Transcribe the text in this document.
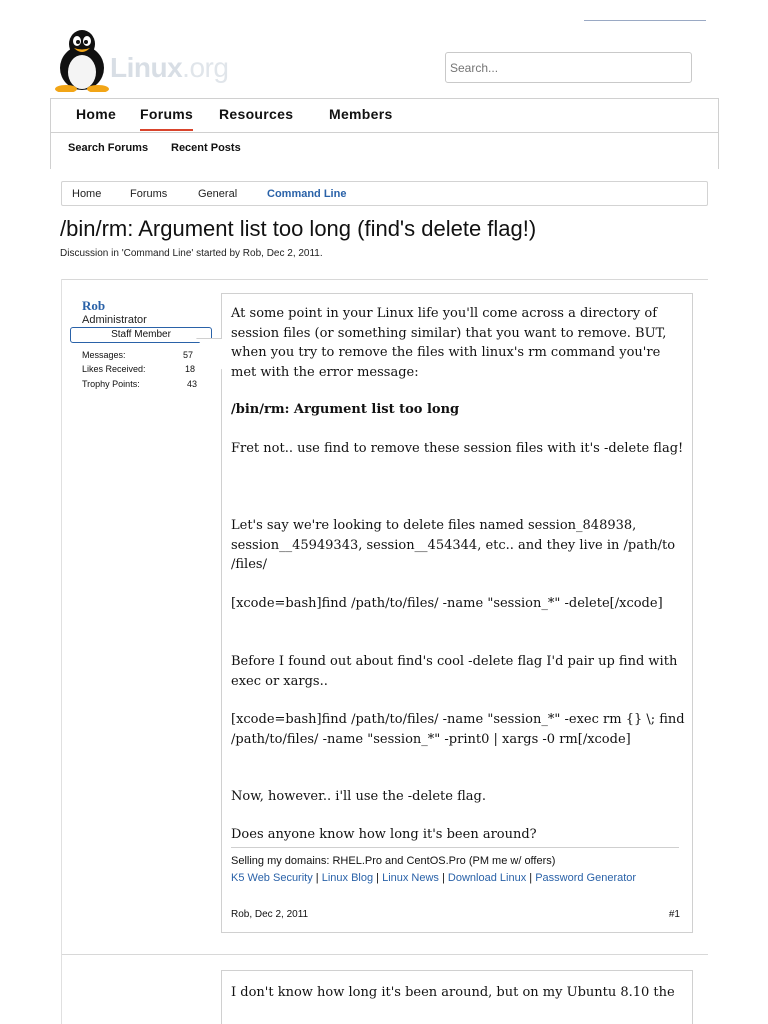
Linux.org
Search...
Home Forums Resources	Members
Search Forums Recent Posts
Home	Forums	General	Command Line
/bin/rm: Argument list too long (find's delete flag!)
Discussion in 'Command Line' started by Rob, Dec 2, 2011.
Rob
Administrator
Staff Member
Messages:	57
Likes Received:	18
Trophy Points:	43
At some point in your Linux life you'll come across a directory of session files (or something similar) that you want to remove. BUT, when you try to remove the files with linux's rm command you're met with the error message:
/bin/rm: Argument list too long
Fret not.. use find to remove these session files with it's -delete flag!
Let's say we're looking to delete files named session_848938, session__45949343, session__454344, etc.. and they live in /path/to /files/
[xcode=bash]find /path/to/files/ -name "session_*" -delete[/xcode]
Before I found out about find's cool -delete flag I'd pair up find with exec or xargs..
[xcode=bash]find /path/to/files/ -name "session_*" -exec rm {} \; find /path/to/files/ -name "session_*" -print0 | xargs -0 rm[/xcode]
Now, however.. i'll use the -delete flag.
Does anyone know how long it's been around?
Selling my domains: RHEL.Pro and CentOS.Pro (PM me w/ offers)
K5 Web Security | Linux Blog | Linux News | Download Linux | Password Generator
Rob, Dec 2, 2011	#1
I don't know how long it's been around, but on my Ubuntu 8.10 the
